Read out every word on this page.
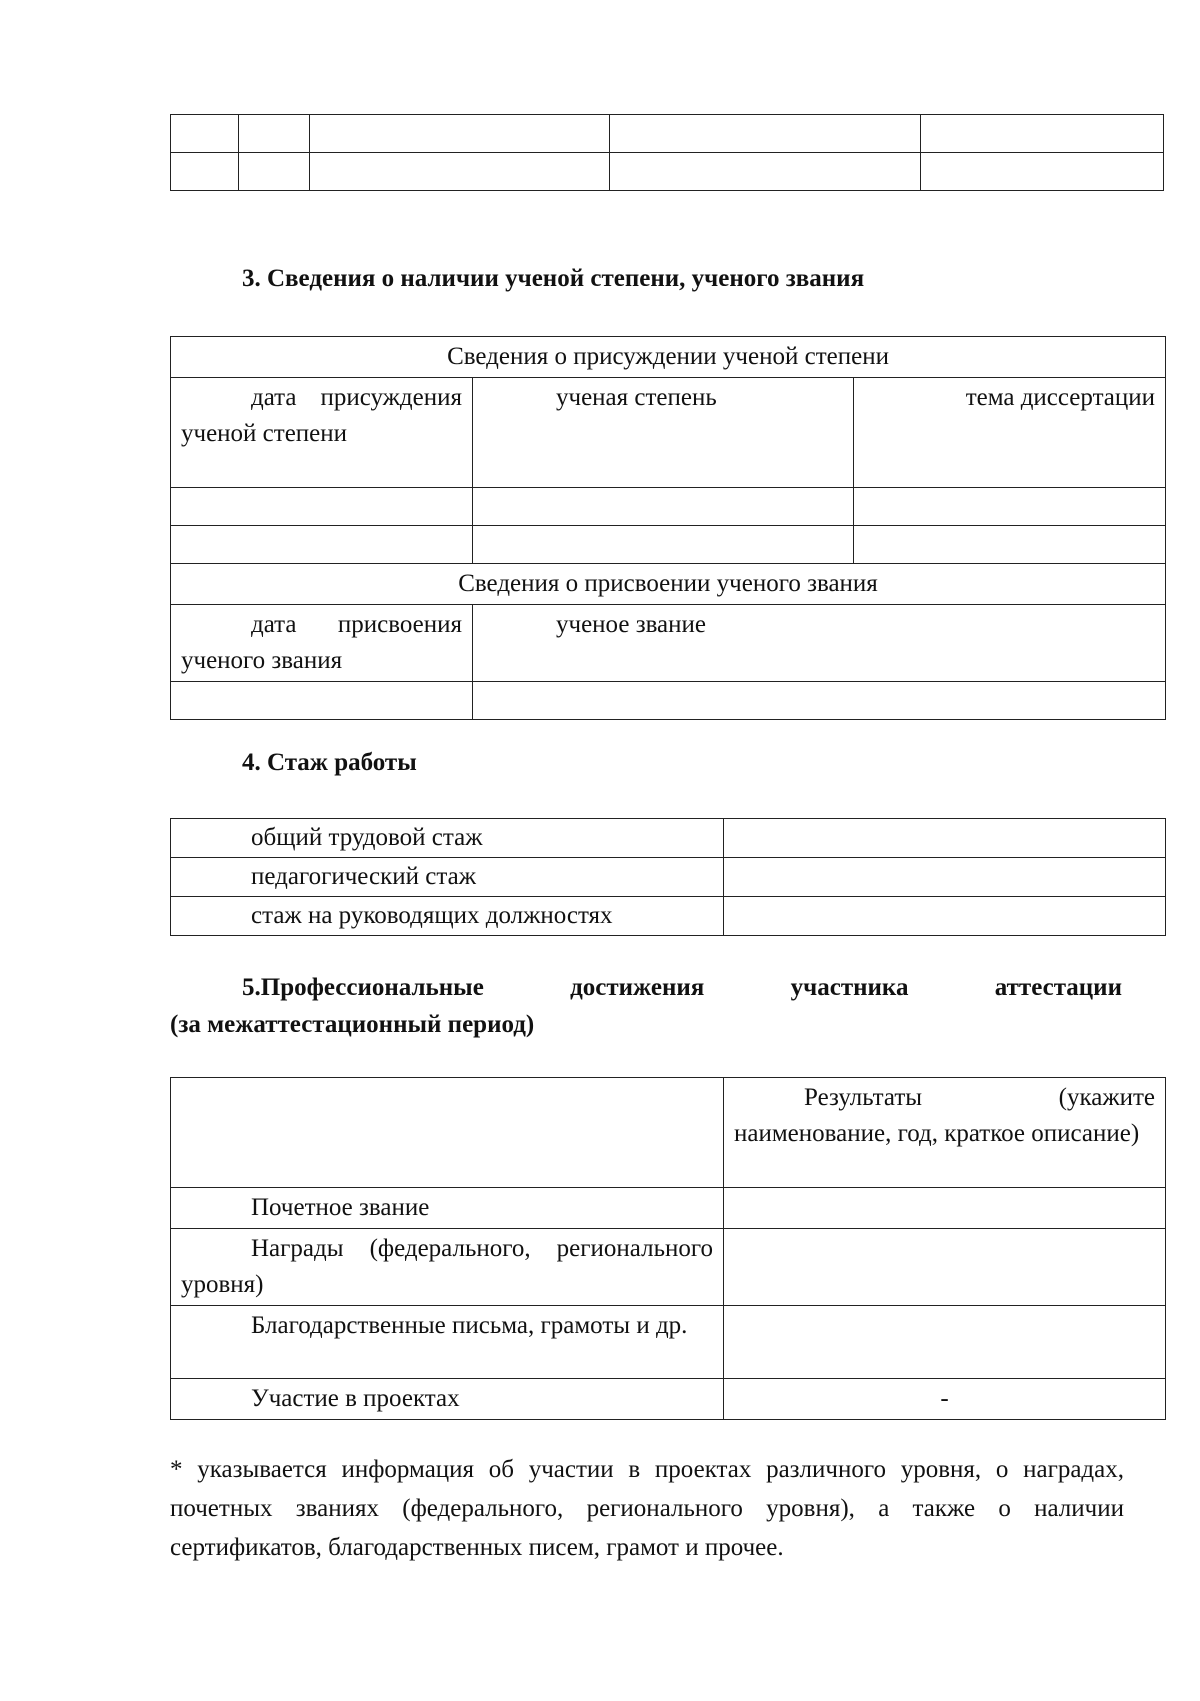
3. Сведения о наличии ученой степени, ученого звания
Сведения о присуждении ученой степени		
дата присуждения ученой степени	ученая степень	тема диссертации

Сведения о присвоении ученого звания		
дата присвоения ученого звания	ученое звание	

4. Стаж работы
общий трудовой стаж	
педагогический стаж	
стаж на руководящих должностях	
5.Профессиональные достижения участника аттестации
(за межаттестационный период)
	Результаты (укажите наименование, год, краткое описание)
Почетное звание	
Награды (федерального, регионального уровня)	
Благодарственные письма, грамоты и др.	
Участие в проектах	-
* указывается информация об участии в проектах различного уровня, о наградах, почетных званиях (федерального, регионального уровня), а также о наличии сертификатов, благодарственных писем, грамот и прочее.
